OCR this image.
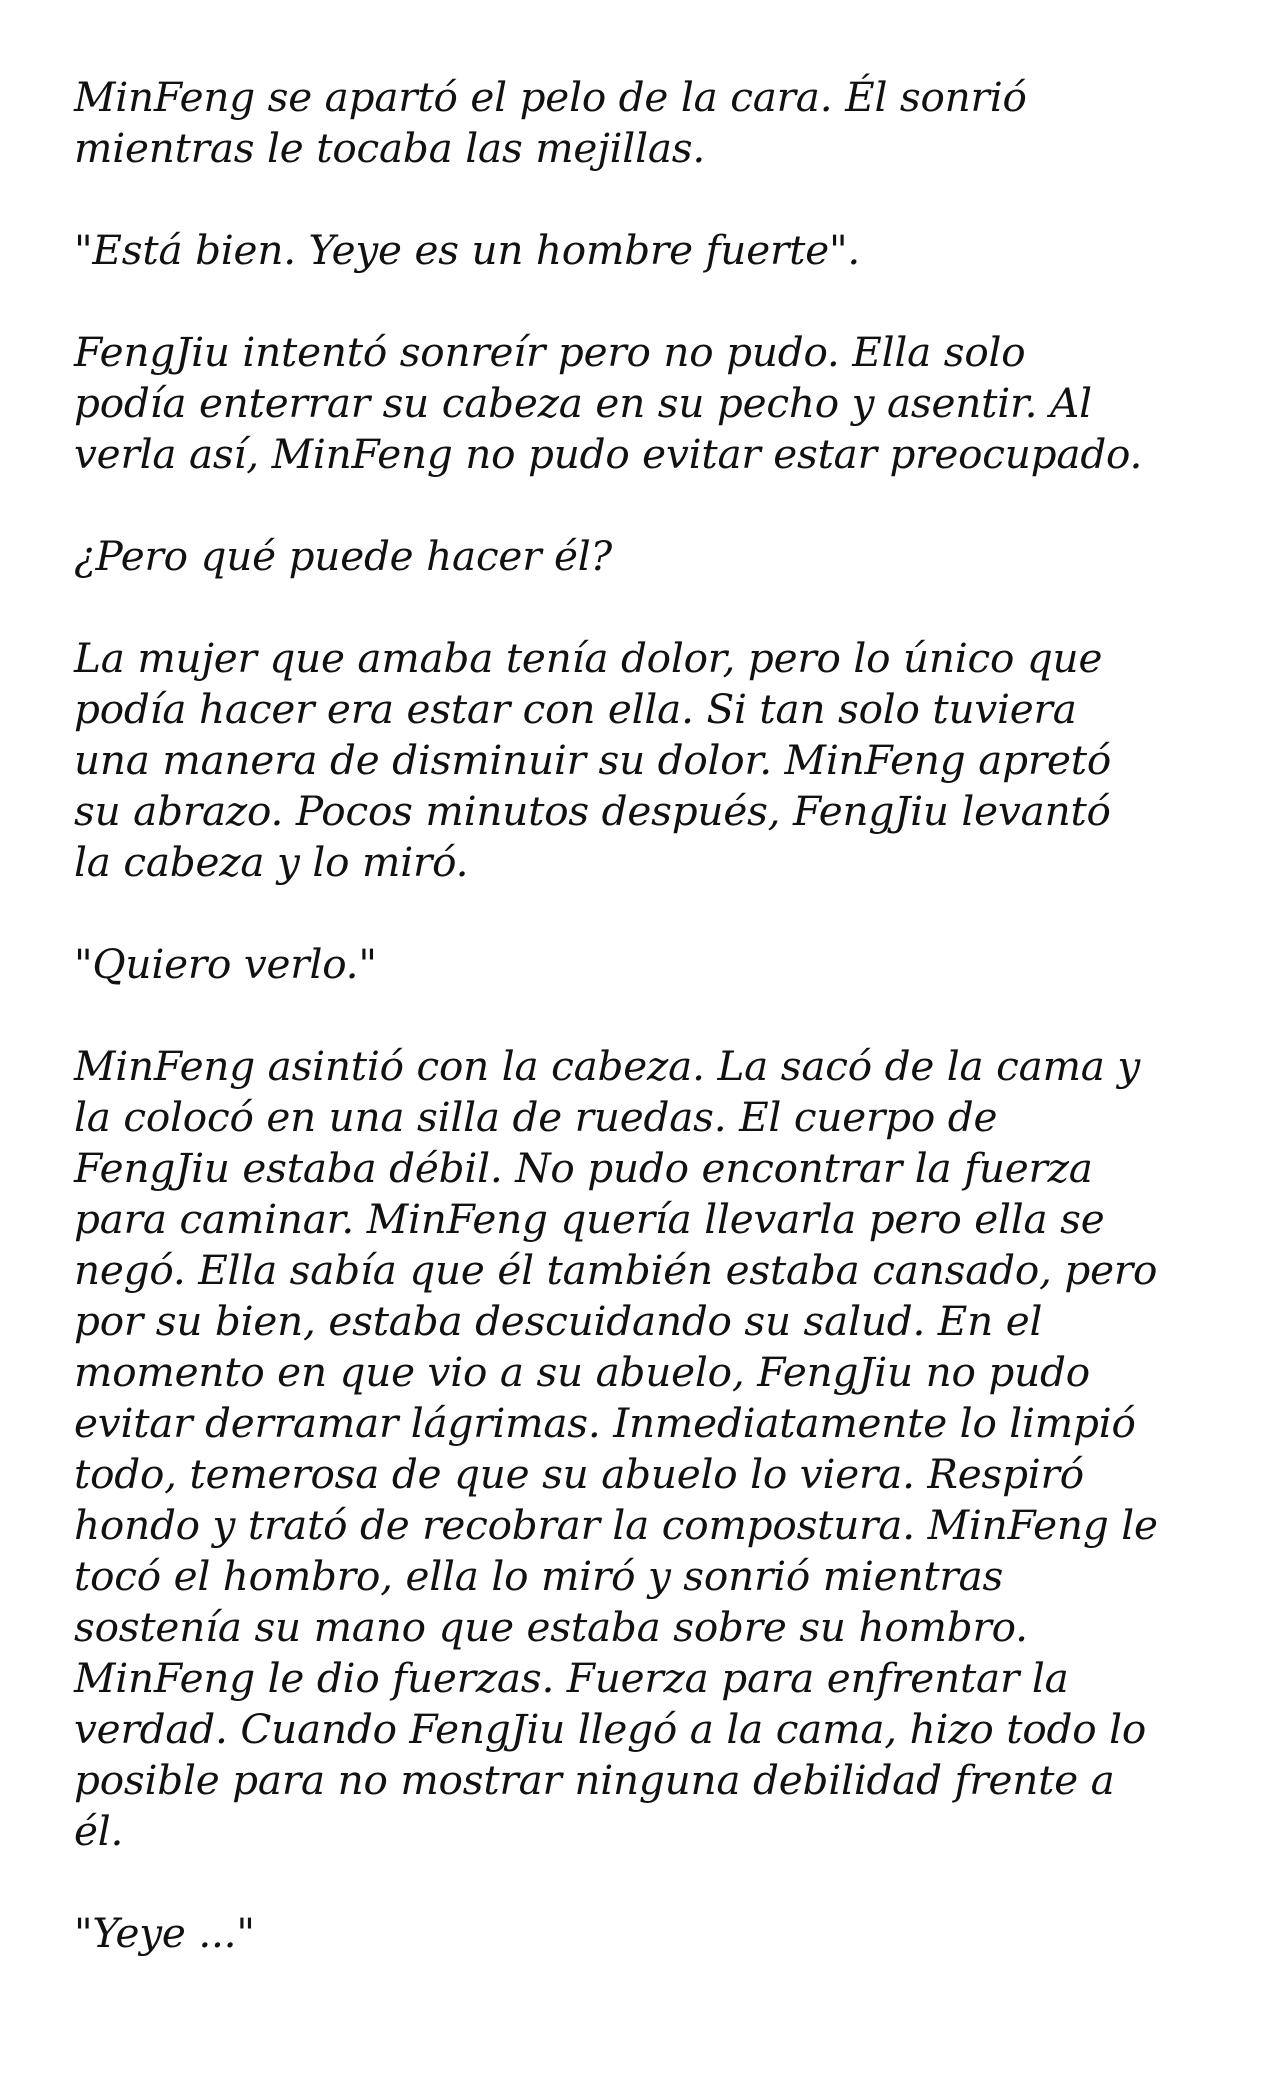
MinFeng se apartó el pelo de la cara. Él sonrió
mientras le tocaba las mejillas.

"Está bien. Yeye es un hombre fuerte".

FengJiu intentó sonreír pero no pudo. Ella solo
podía enterrar su cabeza en su pecho y asentir. Al
verla así, MinFeng no pudo evitar estar preocupado.

¿Pero qué puede hacer él?

La mujer que amaba tenía dolor, pero lo único que
podía hacer era estar con ella. Si tan solo tuviera
una manera de disminuir su dolor. MinFeng apretó
su abrazo. Pocos minutos después, FengJiu levantó
la cabeza y lo miró.

"Quiero verlo."

MinFeng asintió con la cabeza. La sacó de la cama y
la colocó en una silla de ruedas. El cuerpo de
FengJiu estaba débil. No pudo encontrar la fuerza
para caminar. MinFeng quería llevarla pero ella se
negó. Ella sabía que él también estaba cansado, pero
por su bien, estaba descuidando su salud. En el
momento en que vio a su abuelo, FengJiu no pudo
evitar derramar lágrimas. Inmediatamente lo limpió
todo, temerosa de que su abuelo lo viera. Respiró
hondo y trató de recobrar la compostura. MinFeng le
tocó el hombro, ella lo miró y sonrió mientras
sostenía su mano que estaba sobre su hombro.
MinFeng le dio fuerzas. Fuerza para enfrentar la
verdad. Cuando FengJiu llegó a la cama, hizo todo lo
posible para no mostrar ninguna debilidad frente a
él.

"Yeye ..."
